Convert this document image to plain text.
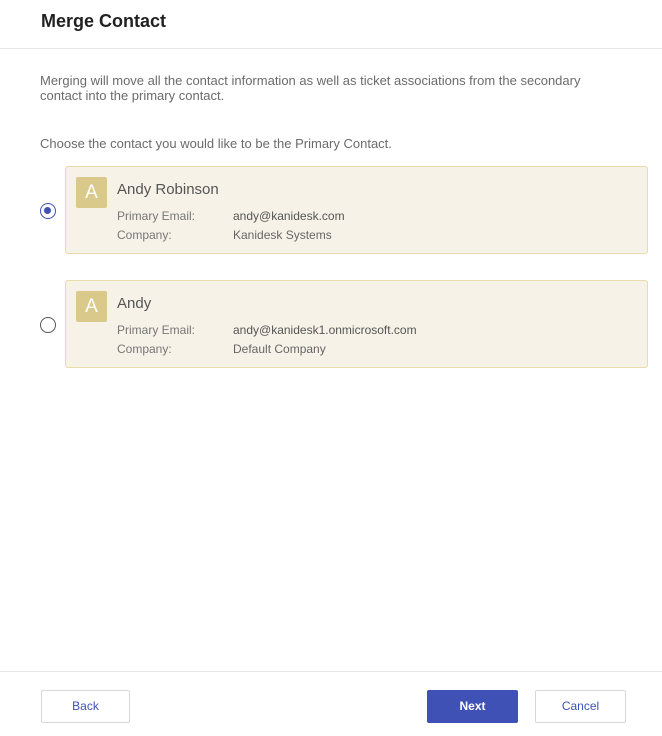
Merge Contact
Merging will move all the contact information as well as ticket associations from the secondary contact into the primary contact.
Choose the contact you would like to be the Primary Contact.
A	Andy Robinson
Primary Email:	andy@kanidesk.com
Company:	Kanidesk Systems
A	Andy
Primary Email:	andy@kanidesk1.onmicrosoft.com
Company:	Default Company
Back	Next	Cancel
